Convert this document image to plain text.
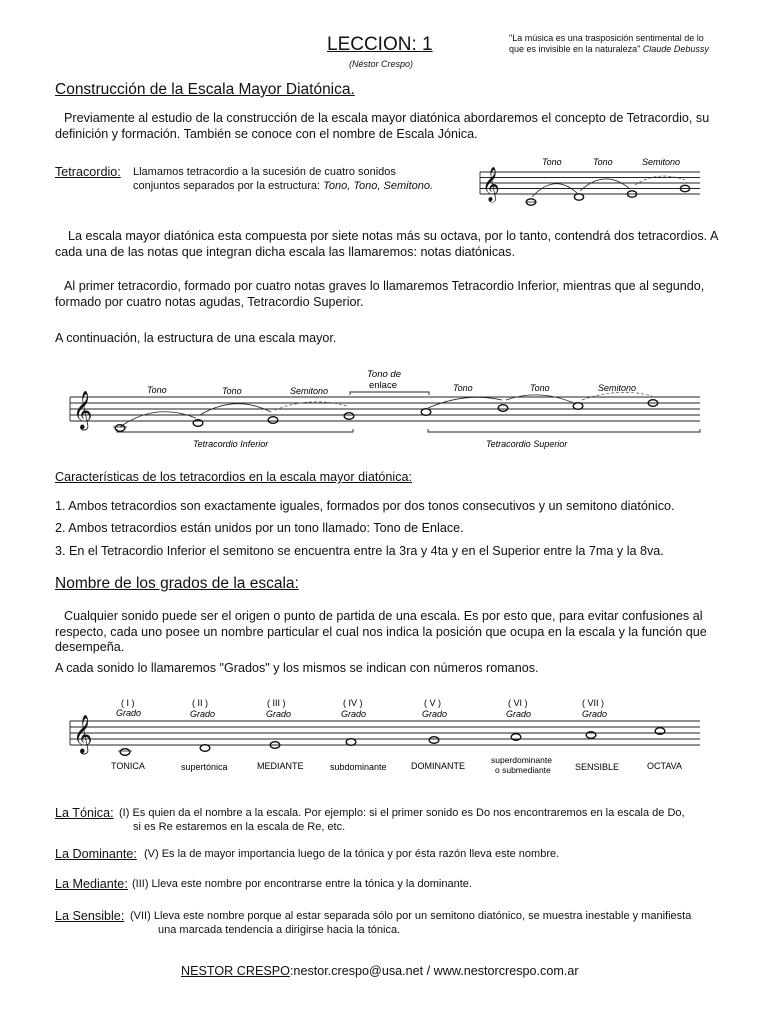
LECCION: 1
(Néstor Crespo)
"La música es una trasposición sentimental de lo
que es invisible en la naturaleza" Claude Debussy
Construcción de la Escala Mayor Diatónica.
Previamente al estudio de la construcción de la escala mayor diatónica abordaremos el concepto de Tetracordio, su definición y formación. También se conoce con el nombre de Escala Jónica.
Tetracordio: Llamamos tetracordio a la sucesión de cuatro sonidos
conjuntos separados por la estructura: Tono, Tono, Semitono. 𝄞
Tono	Tono	Semitono
La escala mayor diatónica esta compuesta por siete notas más su octava, por lo tanto, contendrá dos tetracordios. A cada una de las notas que integran dicha escala las llamaremos: notas diatónicas.
Al primer tetracordio, formado por cuatro notas graves lo llamaremos Tetracordio Inferior, mientras que al segundo, formado por cuatro notas agudas, Tetracordio Superior.
A continuación, la estructura de una escala mayor.
𝄞	Tono	Tono	Semitono	Tono	Tono	Semitono
Tono de
enlace
Tetracordio Inferior	Tetracordio Superior
Características de los tetracordios en la escala mayor diatónica:
1. Ambos tetracordios son exactamente iguales, formados por dos tonos consecutivos y un semitono diatónico.
2. Ambos tetracordios están unidos por un tono llamado: Tono de Enlace.
3. En el Tetracordio Inferior el semitono se encuentra entre la 3ra y 4ta y en el Superior entre la 7ma y la 8va.
Nombre de los grados de la escala:
Cualquier sonido puede ser el origen o punto de partida de una escala. Es por esto que, para evitar confusiones al respecto, cada uno posee un nombre particular el cual nos indica la posición que ocupa en la escala y la función que desempeña.
A cada sonido lo llamaremos "Grados" y los mismos se indican con números romanos.
𝄞
( I )
Grado
( II )
Grado
( III )
Grado
( IV )
Grado
( V )
Grado
( VI )
Grado
( VII )
Grado
TONICA	supertónica	MEDIANTE	subdominante	DOMINANTE
superdominante
o submediante	SENSIBLE	OCTAVA
La Tónica: (I) Es quien da el nombre a la escala. Por ejemplo: si el primer sonido es Do nos encontraremos en la escala de Do,
si es Re estaremos en la escala de Re, etc.
La Dominante: (V) Es la de mayor importancia luego de la tónica y por ésta razón lleva este nombre.
La Mediante: (III) Lleva este nombre por encontrarse entre la tónica y la dominante.
La Sensible: (VII) Lleva este nombre porque al estar separada sólo por un semitono diatónico, se muestra inestable y manifiesta
una marcada tendencia a dirigirse hacia la tónica.
NESTOR CRESPO:nestor.crespo@usa.net / www.nestorcrespo.com.ar
